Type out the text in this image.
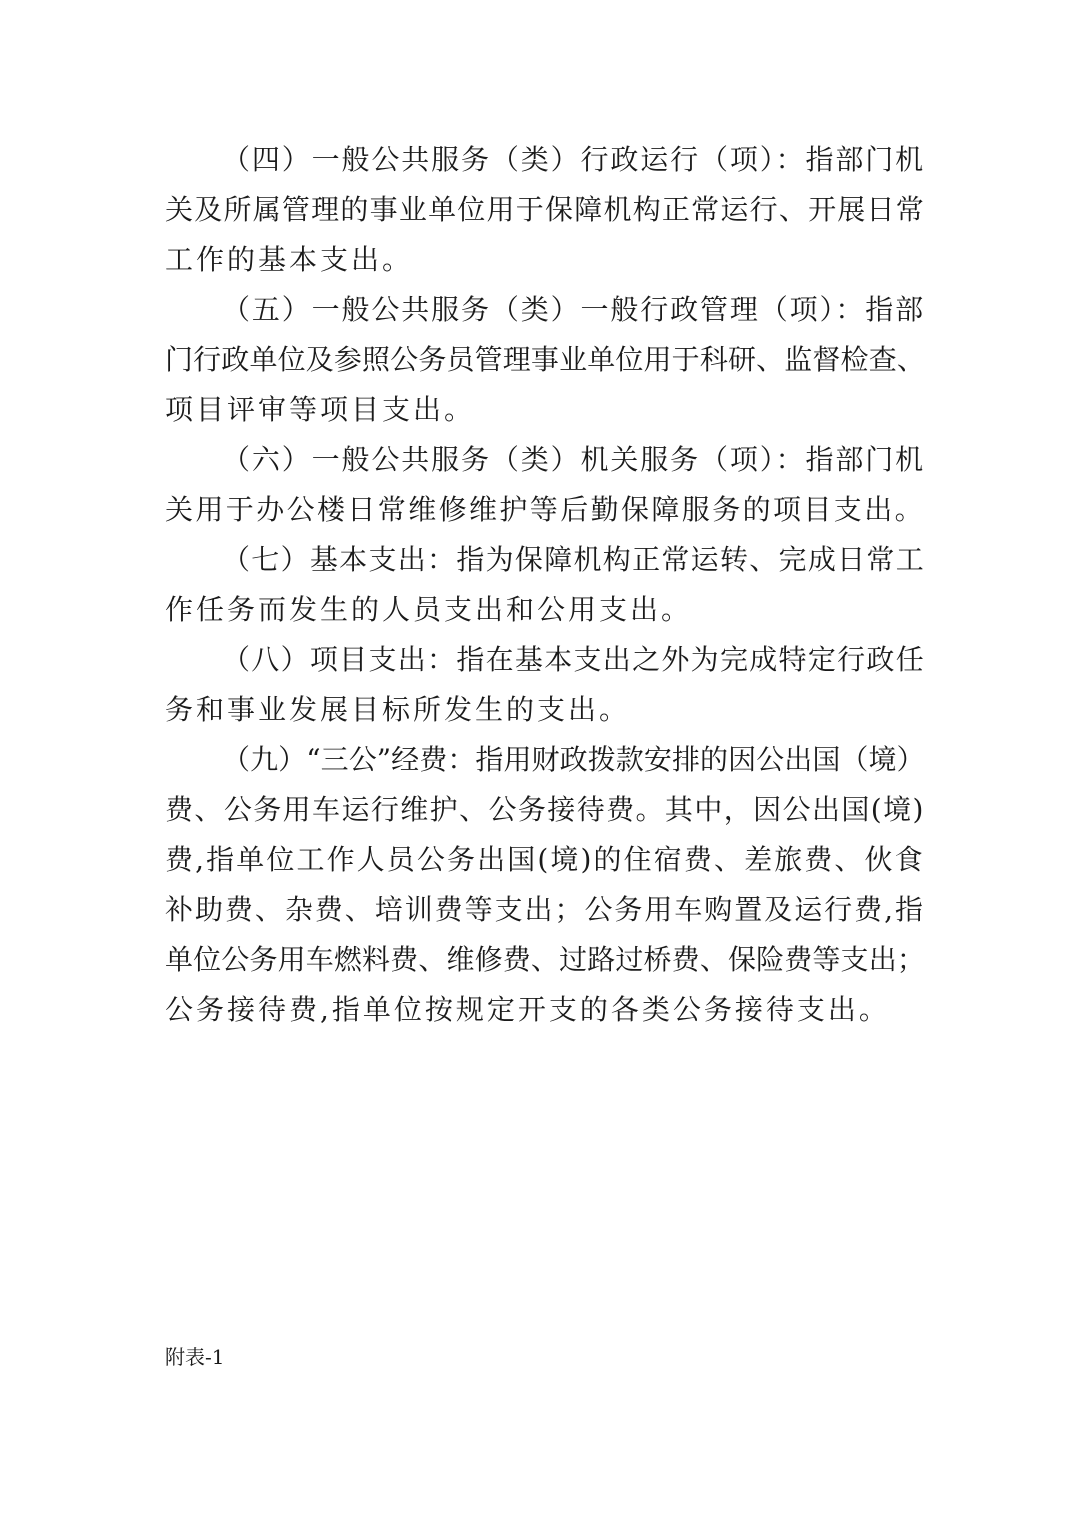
（四）一般公共服务（类）行政运行（项）：指部门机
关及所属管理的事业单位用于保障机构正常运行、开展日常
工作的基本支出。
（五）一般公共服务（类）一般行政管理（项）：指部
门行政单位及参照公务员管理事业单位用于科研、监督检查、
项目评审等项目支出。
（六）一般公共服务（类）机关服务（项）：指部门机
关用于办公楼日常维修维护等后勤保障服务的项目支出。
（七）基本支出：指为保障机构正常运转、完成日常工
作任务而发生的人员支出和公用支出。
（八）项目支出：指在基本支出之外为完成特定行政任
务和事业发展目标所发生的支出。
（九）“三公”经费：指用财政拨款安排的因公出国（境）
费、公务用车运行维护、公务接待费。其中，因公出国(境)
费,指单位工作人员公务出国(境)的住宿费、差旅费、伙食
补助费、杂费、培训费等支出；公务用车购置及运行费,指
单位公务用车燃料费、维修费、过路过桥费、保险费等支出；
公务接待费,指单位按规定开支的各类公务接待支出。
附表-1
